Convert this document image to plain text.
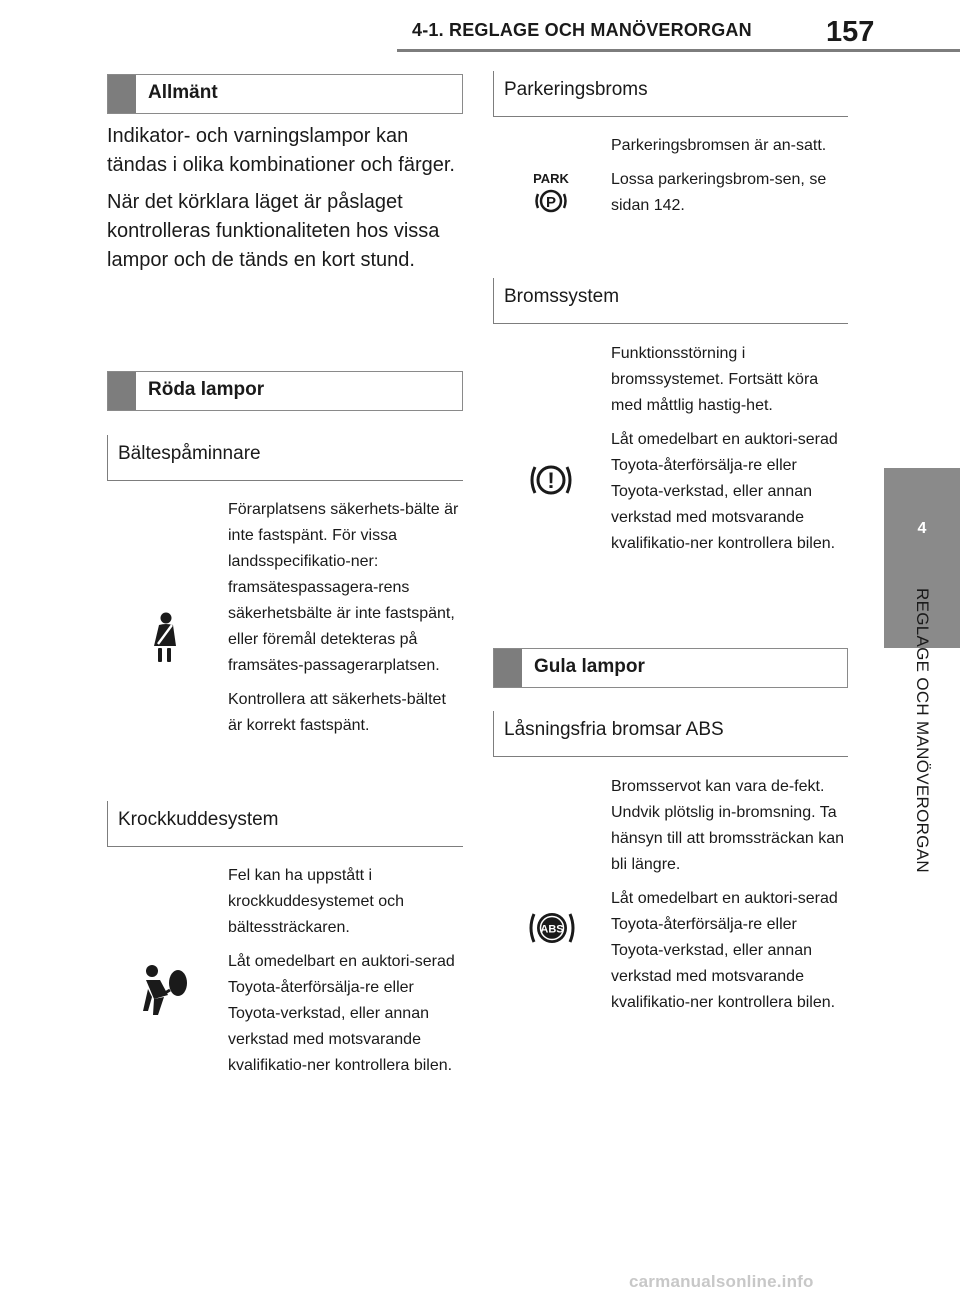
4-1. REGLAGE OCH MANÖVERORGAN	157
4
REGLAGE OCH MANÖVERORGAN
Allmänt

Indikator- och varningslampor kan tändas i olika kombinationer och färger.

När det körklara läget är påslaget kontrolleras funktionaliteten hos vissa lampor och de tänds en kort stund.

Röda lampor
Bältespåminnare

Förarplatsens säkerhets-bälte är inte fastspänt. För vissa landsspecifikatio-ner: framsätespassagera-rens säkerhetsbälte är inte fastspänt, eller föremål detekteras på framsätes-passagerarplatsen.

Kontrollera att säkerhets-bältet är korrekt fastspänt.

Krockkuddesystem

Fel kan ha uppstått i krockkuddesystemet och bältessträckaren.

Låt omedelbart en auktori-serad Toyota-återförsälja-re eller Toyota-verkstad, eller annan verkstad med motsvarande kvalifikatio-ner kontrollera bilen.

Parkeringsbroms
PARK
P

Parkeringsbromsen är an-satt.

Lossa parkeringsbrom-sen, se sidan 142.

Bromssystem
!

Funktionsstörning i bromssystemet. Fortsätt köra med måttlig hastig-het.

Låt omedelbart en auktori-serad Toyota-återförsälja-re eller Toyota-verkstad, eller annan verkstad med motsvarande kvalifikatio-ner kontrollera bilen.

Gula lampor
Låsningsfria bromsar ABS
ABS

Bromsservot kan vara de-fekt. Undvik plötslig in-bromsning. Ta hänsyn till att bromssträckan kan bli längre.

Låt omedelbart en auktori-serad Toyota-återförsälja-re eller Toyota-verkstad, eller annan verkstad med motsvarande kvalifikatio-ner kontrollera bilen.

carmanualsonline.info
